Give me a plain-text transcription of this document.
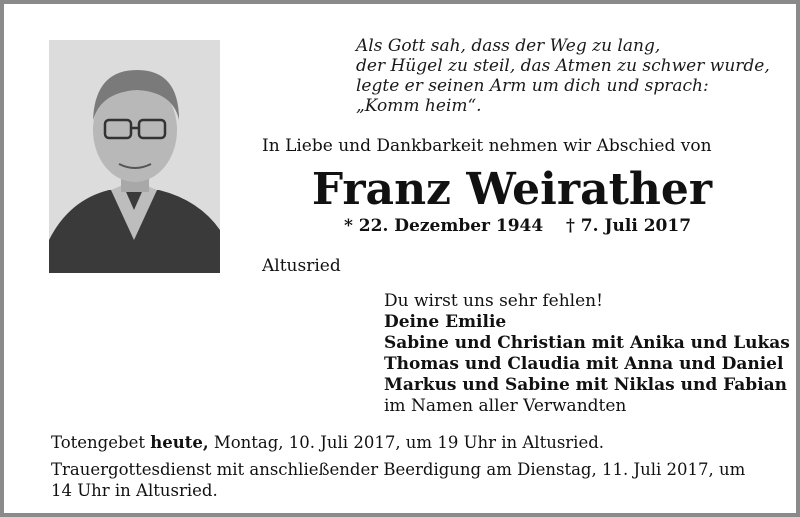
Als Gott sah, dass der Weg zu lang,
der Hügel zu steil, das Atmen zu schwer wurde,
legte er seinen Arm um dich und sprach:
„Komm heim“.
In Liebe und Dankbarkeit nehmen wir Abschied von
Franz Weirather
* 22. Dezember 1944 † 7. Juli 2017
Altusried
Du wirst uns sehr fehlen!
Deine Emilie
Sabine und Christian mit Anika und Lukas
Thomas und Claudia mit Anna und Daniel
Markus und Sabine mit Niklas und Fabian
im Namen aller Verwandten
Totengebet heute, Montag, 10. Juli 2017, um 19 Uhr in Altusried.
Trauergottesdienst mit anschließender Beerdigung am Dienstag, 11. Juli 2017, um 14 Uhr in Altusried.
